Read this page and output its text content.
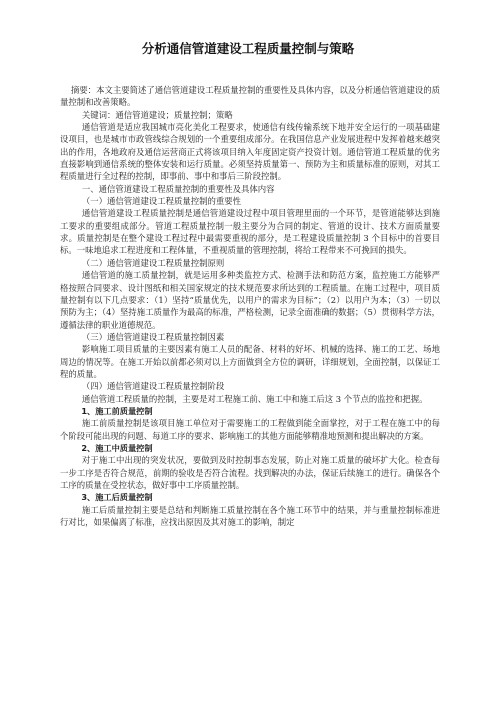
分析通信管道建设工程质量控制与策略

摘要：本文主要简述了通信管道建设工程质量控制的重要性及具体内容，以及分析通信管道建设的质量控制和改善策略。

关键词：通信管道建设；质量控制；策略

通信管道是适应我国城市亮化美化工程要求，使通信有线传输系统下地并安全运行的一项基础建设项目，也是城市市政管线综合规划的一个重要组成部分。在我国信息产业发展进程中发挥着越来越突出的作用，各地政府及通信运营商正式将该项目纳入年度固定资产投资计划。通信管道工程质量的优劣直接影响到通信系统的整体安装和运行质量。必须坚持质量第一、预防为主和质量标准的原则，对其工程质量进行全过程的控制，即事前、事中和事后三阶段控制。

一、通信管道建设工程质量控制的重要性及具体内容

（一）通信管道建设工程质量控制的重要性

通信管道建设工程质量控制是通信管道建设过程中项目管理里面的一个环节，是管道能够达到施工要求的重要组成部分。管道工程质量控制一般主要分为合同的制定、管道的设计、技术方面质量要求。质量控制是在整个建设工程过程中最需要重视的部分，是工程建设质量控制 3 个目标中的首要目标。一味地追求工程进度和工程体量，不重视质量的管理控制，将给工程带来不可挽回的损失。

（二）通信管道建设工程质量控制原则

通信管道的施工质量控制，就是运用多种类监控方式、检测手法和防范方案，监控施工方能够严格按照合同要求、设计图纸和相关国家规定的技术规范要求所达到的工程质量。在施工过程中，项目质量控制有以下几点要求：（1）坚持“质量优先，以用户的需求为目标”；（2）以用户为本；（3）一切以预防为主；（4）坚持施工质量作为最高的标准，严格检测，记录全面准确的数据；（5）贯彻科学方法，遵循法律的职业道德规范。

（三）通信管道建设工程质量控制因素

影响施工项目质量的主要因素有施工人员的配备、材料的好坏、机械的选择、施工的工艺、场地周边的情况等。在施工开始以前都必须对以上方面做到全方位的调研，详细规划，全面控制，以保证工程的质量。

（四）通信管道建设工程质量控制阶段

通信管道工程质量的控制，主要是对工程施工前、施工中和施工后这 3 个节点的监控和把握。

1、施工前质量控制

施工前质量控制是该项目施工单位对于需要施工的工程做到能全面掌控，对于工程在施工中的每个阶段可能出现的问题、每道工序的要求、影响施工的其他方面能够精准地预测和提出解决的方案。

2、施工中质量控制

对于施工中出现的突发状况，要做到及时控制事态发展，防止对施工质量的破坏扩大化。检查每一步工序是否符合规范，前期的验收是否符合流程。找到解决的办法，保证后续施工的进行。确保各个工序的质量在受控状态，做好事中工序质量控制。

3、施工后质量控制

施工后质量控制主要是总结和判断施工质量控制在各个施工环节中的结果，并与重量控制标准进行对比，如果偏离了标准，应找出原因及其对施工的影响，制定
